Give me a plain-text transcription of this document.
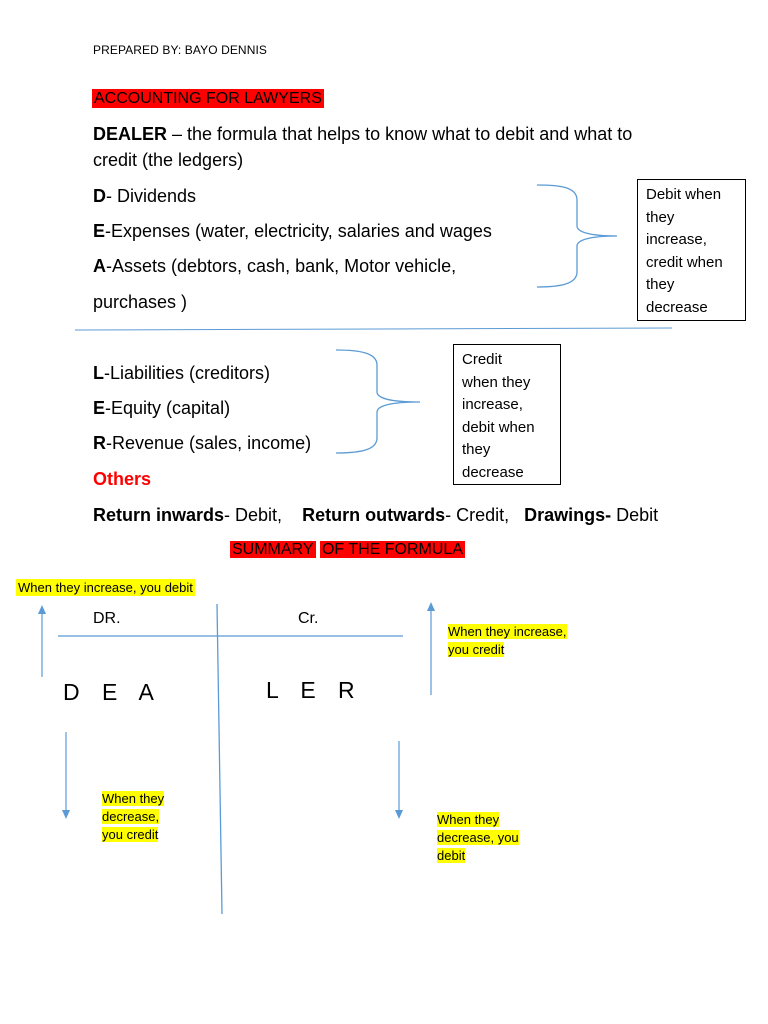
PREPARED BY: BAYO DENNIS
ACCOUNTING FOR LAWYERS
DEALER – the formula that helps to know what to debit and what to
credit (the ledgers)
D- Dividends
E-Expenses (water, electricity, salaries and wages
A-Assets (debtors, cash, bank, Motor vehicle,
purchases )
Debit when
they
increase,
credit when
they
decrease
L-Liabilities (creditors)
E-Equity (capital)
R-Revenue (sales, income)
Credit
when they
increase,
debit when
they
decrease
Others
Return inwards- Debit, Return outwards- Credit, Drawings- Debit
SUMMARY OF THE FORMULA
When they increase, you debit
DR.	Cr.
When they increase,
you credit
D E A	L E R
When they
decrease,
you credit
When they
decrease, you
debit
